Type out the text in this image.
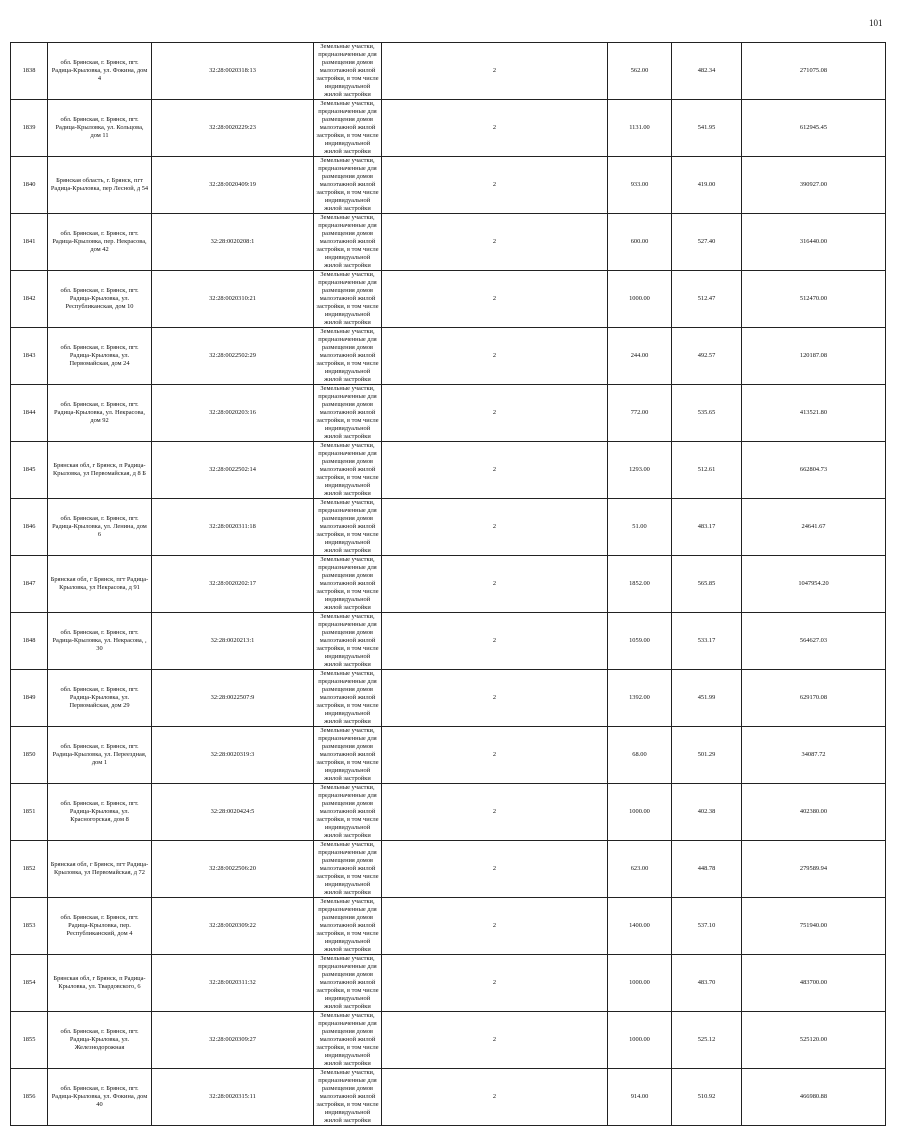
101
1838	обл. Брянская, г. Брянск, пгт. Радица-Крыловка, ул. Фокина, дом 4	32:28:0020318:13	Земельные участки, предназначенные для размещения домов малоэтажной жилой застройки, в том числе индивидуальной жилой застройки	2	562.00	482.34	271075.08
1839	обл. Брянская, г. Брянск, пгт. Радица-Крыловка, ул. Кольцова, дом 11	32:28:0020229:23	Земельные участки, предназначенные для размещения домов малоэтажной жилой застройки, в том числе индивидуальной жилой застройки	2	1131.00	541.95	612945.45
1840	Брянская область, г. Брянск, пгт Радица-Крыловка, пер Лесной, д 54	32:28:0020409:19	Земельные участки, предназначенные для размещения домов малоэтажной жилой застройки, в том числе индивидуальной жилой застройки	2	933.00	419.00	390927.00
1841	обл. Брянская, г. Брянск, пгт. Радица-Крыловка, пер. Некрасова, дом 42	32:28:0020208:1	Земельные участки, предназначенные для размещения домов малоэтажной жилой застройки, в том числе индивидуальной жилой застройки	2	600.00	527.40	316440.00
1842	обл. Брянская, г. Брянск, пгт. Радица-Крыловка, ул. Республиканская, дом 10	32:28:0020310:21	Земельные участки, предназначенные для размещения домов малоэтажной жилой застройки, в том числе индивидуальной жилой застройки	2	1000.00	512.47	512470.00
1843	обл. Брянская, г. Брянск, пгт. Радица-Крыловка, ул. Первомайская, дом 24	32:28:0022502:29	Земельные участки, предназначенные для размещения домов малоэтажной жилой застройки, в том числе индивидуальной жилой застройки	2	244.00	492.57	120187.08
1844	обл. Брянская, г. Брянск, пгт. Радица-Крыловка, ул. Некрасова, дом 92	32:28:0020203:16	Земельные участки, предназначенные для размещения домов малоэтажной жилой застройки, в том числе индивидуальной жилой застройки	2	772.00	535.65	413521.80
1845	Брянская обл, г Брянск, п Радица-Крыловка, ул Первомайская, д 8 Б	32:28:0022502:14	Земельные участки, предназначенные для размещения домов малоэтажной жилой застройки, в том числе индивидуальной жилой застройки	2	1293.00	512.61	662804.73
1846	обл. Брянская, г. Брянск, пгт. Радица-Крыловка, ул. Ленина, дом 6	32:28:0020311:18	Земельные участки, предназначенные для размещения домов малоэтажной жилой застройки, в том числе индивидуальной жилой застройки	2	51.00	483.17	24641.67
1847	Брянская обл, г Брянск, пгт Радица-Крыловка, ул Некрасова, д 91	32:28:0020202:17	Земельные участки, предназначенные для размещения домов малоэтажной жилой застройки, в том числе индивидуальной жилой застройки	2	1852.00	565.85	1047954.20
1848	обл. Брянская, г. Брянск, пгт. Радица-Крыловка, ул. Некрасова, , 30	32:28:0020213:1	Земельные участки, предназначенные для размещения домов малоэтажной жилой застройки, в том числе индивидуальной жилой застройки	2	1059.00	533.17	564627.03
1849	обл. Брянская, г. Брянск, пгт. Радица-Крыловка, ул. Первомайская, дом 29	32:28:0022507:9	Земельные участки, предназначенные для размещения домов малоэтажной жилой застройки, в том числе индивидуальной жилой застройки	2	1392.00	451.99	629170.08
1850	обл. Брянская, г. Брянск, пгт. Радица-Крыловка, ул. Переездная, дом 1	32:28:0020319:3	Земельные участки, предназначенные для размещения домов малоэтажной жилой застройки, в том числе индивидуальной жилой застройки	2	68.00	501.29	34087.72
1851	обл. Брянская, г. Брянск, пгт. Радица-Крыловка, ул. Красногорская, дом 8	32:28:0020424:5	Земельные участки, предназначенные для размещения домов малоэтажной жилой застройки, в том числе индивидуальной жилой застройки	2	1000.00	402.38	402380.00
1852	Брянская обл, г Брянск, пгт Радица-Крыловка, ул Первомайская, д 72	32:28:0022506:20	Земельные участки, предназначенные для размещения домов малоэтажной жилой застройки, в том числе индивидуальной жилой застройки	2	623.00	448.78	279589.94
1853	обл. Брянская, г. Брянск, пгт. Радица-Крыловка, пер. Республиканский, дом 4	32:28:0020309:22	Земельные участки, предназначенные для размещения домов малоэтажной жилой застройки, в том числе индивидуальной жилой застройки	2	1400.00	537.10	751940.00
1854	Брянская обл, г Брянск, п Радица-Крыловка, ул. Твардовского, 6	32:28:0020311:32	Земельные участки, предназначенные для размещения домов малоэтажной жилой застройки, в том числе индивидуальной жилой застройки	2	1000.00	483.70	483700.00
1855	обл. Брянская, г. Брянск, пгт. Радица-Крыловка, ул. Железнодорожная	32:28:0020309:27	Земельные участки, предназначенные для размещения домов малоэтажной жилой застройки, в том числе индивидуальной жилой застройки	2	1000.00	525.12	525120.00
1856	обл. Брянская, г. Брянск, пгт. Радица-Крыловка, ул. Фокина, дом 40	32:28:0020315:11	Земельные участки, предназначенные для размещения домов малоэтажной жилой застройки, в том числе индивидуальной жилой застройки	2	914.00	510.92	466980.88
